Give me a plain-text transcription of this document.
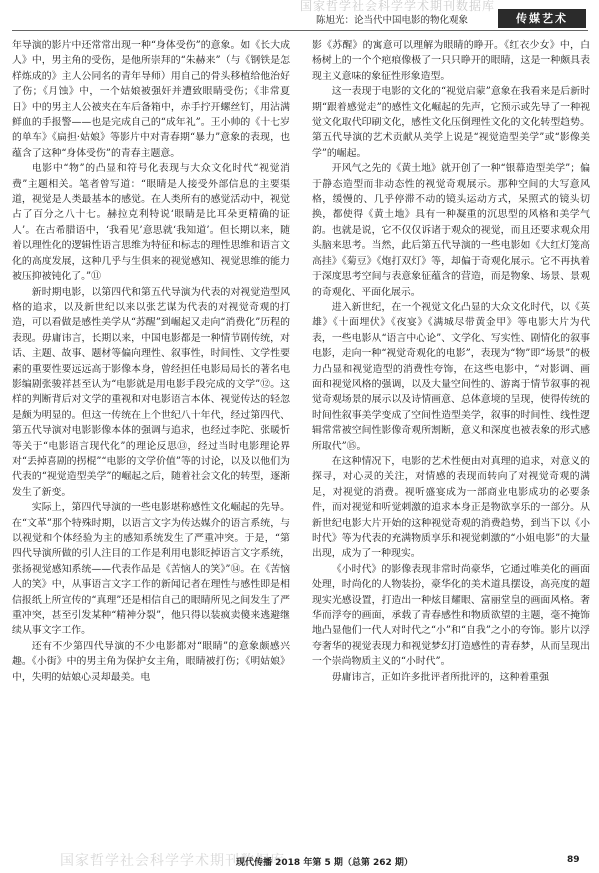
国家哲学社会科学学术期刊数据库
陈旭光：论当代中国电影的物化观象	传媒艺术

年导演的影片中还常常出现一种“身体受伤”的意象。如《长大成人》中，男主角的受伤，是他所崇拜的“朱赫来”（与《钢铁是怎样炼成的》主人公同名的青年导师）用自己的骨头移植给他治好了伤；《月蚀》中，一个姑娘被强奸并遭致眼睛受伤；《非常夏日》中的男主人公被夹在车后备箱中，赤手拧开螺丝钉，用沾满鲜血的手报警——也是完成自己的“成年礼”。王小帅的《十七岁的单车》《扁担·姑娘》等影片中对青春期“暴力”意象的表现，也蕴含了这种“身体受伤”的青春主题意。

电影中“物”的凸显和符号化表现与大众文化时代“视觉消费”主题相关。笔者曾写道：“眼睛是人接受外部信息的主要渠道，视觉是人类最基本的感觉。在人类所有的感觉活动中，视觉占了百分之八十七。赫拉克利特说‘眼睛是比耳朵更精确的证人’。在古希腊语中，‘我看见’意思就‘我知道’。但长期以来，随着以理性化的逻辑性语言思维为特征和标志的理性思维和语言文化的高度发展，这种几乎与生俱来的视觉感知、视觉思维的能力被压抑被钝化了。”⑪

新时期电影，以第四代和第五代导演为代表的对视觉造型风格的追求，以及新世纪以来以张艺谋为代表的对视觉奇观的打造，可以看做是感性美学从“苏醒”到崛起又走向“消费化”历程的表现。毋庸讳言，长期以来，中国电影都是一种情节剧传统，对话、主题、故事、题材等偏向理性、叙事性，时间性、文学性要素的重要性要远远高于影像本身，曾经担任电影局局长的著名电影编剧张骏祥甚至认为“电影就是用电影手段完成的文学”⑫。这样的判断背后对文学的重视和对电影语言本体、视觉传达的轻忽是颇为明显的。但这一传统在上个世纪八十年代，经过第四代、第五代导演对电影影像本体的强调与追求，也经过李陀、张暖忻等关于“电影语言现代化”的理论反思⑬，经过当时电影理论界对“丢掉喜剧的拐棍”“电影的文学价值”等的讨论，以及以他们为代表的“视觉造型美学”的崛起之后，随着社会文化的转型，逐渐发生了新变。

实际上，第四代导演的一些电影堪称感性文化崛起的先导。在“文革”那个特殊时期，以语言文字为传达媒介的语言系统，与以视觉和个体经验为主的感知系统发生了严重冲突。于是，“第四代导演所做的引人注目的工作是利用电影眨掉语言文字系统，张扬视觉感知系统——代表作品是《苦恼人的笑》”⑭。在《苦恼人的笑》中，从事语言文字工作的新闻记者在理性与感性即是相信报纸上所宣传的“真理”还是相信自己的眼睛所见之间发生了严重冲突，甚至引发某种“精神分裂”，他只得以装疯卖傻来逃避继续从事文字工作。

还有不少第四代导演的不少电影都对“眼睛”的意象颇感兴趣。《小街》中的男主角为保护女主角，眼睛被打伤；《明姑娘》中，失明的姑娘心灵却最美。电

影《苏醒》的寓意可以理解为眼睛的睁开。《红衣少女》中，白杨树上的一个个疤痕像极了一只只睁开的眼睛，这是一种颇具表现主义意味的象征性形象造型。

这一表现于电影的文化的“视觉启蒙”意象在我看来是后新时期“跟着感觉走”的感性文化崛起的先声，它预示或先导了一种视觉文化取代印刷文化，感性文化压倒理性文化的文化转型趋势。第五代导演的艺术贡献从美学上说是“视觉造型美学”或“影像美学”的崛起。

开风气之先的《黄土地》就开创了一种“银幕造型美学”；偏于静态造型而非动态性的视觉奇观展示。那种空间的大写意风格，缓慢的、几乎停滞不动的镜头运动方式，呆照式的镜头切换，都使得《黄土地》具有一种凝重的沉思型的风格和美学气韵。也就是说，它不仅仅诉诸于观众的视觉，而且还要求观众用头脑来思考。当然，此后第五代导演的一些电影如《大红灯笼高高挂》《菊豆》《炮打双灯》等，却偏于奇观化展示。它不再执着于深度思考空间与表意象征蕴含的营造，而是物象、场景、景观的奇观化、平面化展示。

进入新世纪，在一个视觉文化凸显的大众文化时代，以《英雄》《十面埋伏》《夜宴》《满城尽带黄金甲》等电影大片为代表，一些电影从“语言中心论”、文学化、写实性、剧情化的叙事电影，走向一种“视觉奇观化的电影”，表现为“物”即“场景”的极力凸显和视觉造型的消费性夸饰，在这些电影中，“对影调、画面和视觉风格的强调，以及大量空间性的、游离于情节叙事的视觉奇观场景的展示以及诗情画意、总体意境的呈现，使得传统的时间性叙事美学变成了空间性造型美学，叙事的时间性、线性逻辑常常被空间性影像奇观所割断，意义和深度也被表象的形式感所取代”⑮。

在这种情况下，电影的艺术性便由对真理的追求，对意义的探寻，对心灵的关注，对情感的表现而转向了对视觉奇观的满足，对视觉的消费。视听盛宴成为一部商业电影成功的必要条件，而对视觉和听觉刺激的追求本身正是物欲享乐的一部分。从新世纪电影大片开始的这种视觉奇观的消费趋势，到当下以《小时代》等为代表的充满物质享乐和视觉刺激的“小姐电影”的大量出现，成为了一种现实。

《小时代》的影像表现非常时尚豪华，它通过唯美化的画面处理，时尚化的人物装扮，豪华化的美术道具摆设，高亮度的超现实光感设置，打造出一种炫目耀眼、富丽堂皇的画面风格。奢华而浮夸的画面，承载了青春感性和物质欲望的主题，毫不掩饰地凸显他们一代人对时代之“小”和“自我”之小的夸饰。影片以浮夸奢华的视觉表现力和视觉梦幻打造感性的青春梦，从而呈现出一个崇尚物质主义的“小时代”。

毋庸讳言，正如许多批评者所批评的，这种着重强

国家哲学社会科学学术期刊数据库
现代传播 2018 年第 5 期（总第 262 期）	89
